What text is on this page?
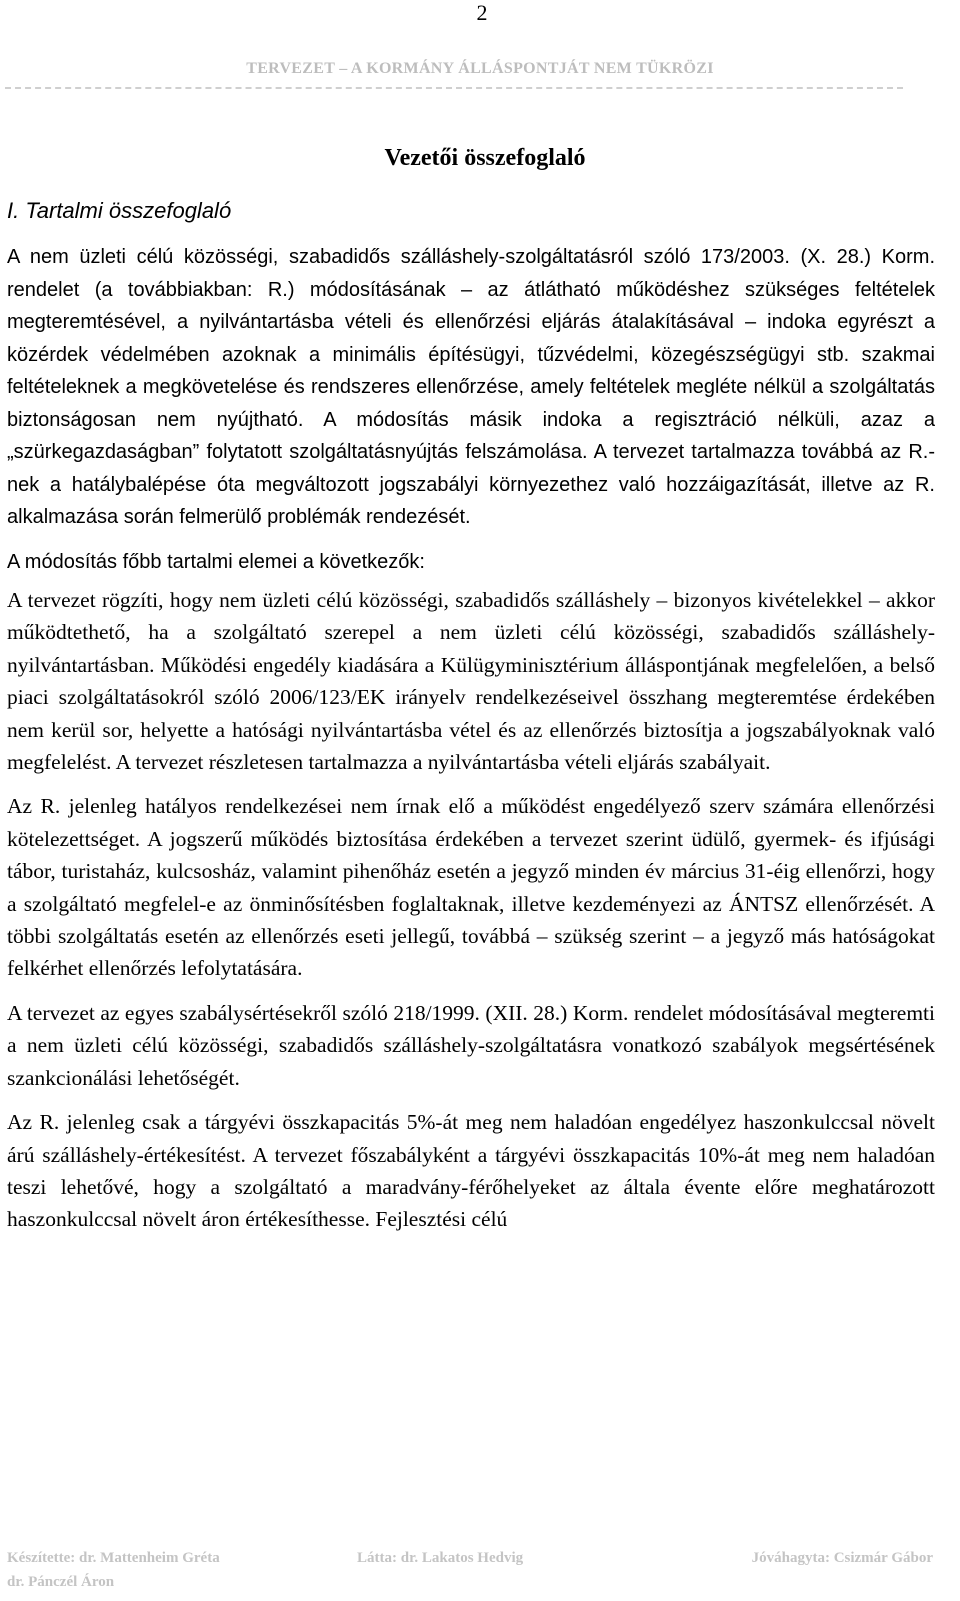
2
TERVEZET – A KORMÁNY ÁLLÁSPONTJÁT NEM TÜKRÖZI
Vezetői összefoglaló
I. Tartalmi összefoglaló

A nem üzleti célú közösségi, szabadidős szálláshely-szolgáltatásról szóló 173/2003. (X. 28.) Korm. rendelet (a továbbiakban: R.) módosításának – az átlátható működéshez szükséges feltételek megteremtésével, a nyilvántartásba vételi és ellenőrzési eljárás átalakításával – indoka egyrészt a közérdek védelmében azoknak a minimális építésügyi, tűzvédelmi, közegészségügyi stb. szakmai feltételeknek a megkövetelése és rendszeres ellenőrzése, amely feltételek megléte nélkül a szolgáltatás biztonságosan nem nyújtható. A módosítás másik indoka a regisztráció nélküli, azaz a „szürkegazdaságban” folytatott szolgáltatásnyújtás felszámolása. A tervezet tartalmazza továbbá az R.-nek a hatálybalépése óta megváltozott jogszabályi környezethez való hozzáigazítását, illetve az R. alkalmazása során felmerülő problémák rendezését.

A módosítás főbb tartalmi elemei a következők:

A tervezet rögzíti, hogy nem üzleti célú közösségi, szabadidős szálláshely – bizonyos kivételekkel – akkor működtethető, ha a szolgáltató szerepel a nem üzleti célú közösségi, szabadidős szálláshely-nyilvántartásban. Működési engedély kiadására a Külügyminisztérium álláspontjának megfelelően, a belső piaci szolgáltatásokról szóló 2006/123/EK irányelv rendelkezéseivel összhang megteremtése érdekében nem kerül sor, helyette a hatósági nyilvántartásba vétel és az ellenőrzés biztosítja a jogszabályoknak való megfelelést. A tervezet részletesen tartalmazza a nyilvántartásba vételi eljárás szabályait.

Az R. jelenleg hatályos rendelkezései nem írnak elő a működést engedélyező szerv számára ellenőrzési kötelezettséget. A jogszerű működés biztosítása érdekében a tervezet szerint üdülő, gyermek- és ifjúsági tábor, turistaház, kulcsosház, valamint pihenőház esetén a jegyző minden év március 31-éig ellenőrzi, hogy a szolgáltató megfelel-e az önminősítésben foglaltaknak, illetve kezdeményezi az ÁNTSZ ellenőrzését. A többi szolgáltatás esetén az ellenőrzés eseti jellegű, továbbá – szükség szerint – a jegyző más hatóságokat felkérhet ellenőrzés lefolytatására.

A tervezet az egyes szabálysértésekről szóló 218/1999. (XII. 28.) Korm. rendelet módosításával megteremti a nem üzleti célú közösségi, szabadidős szálláshely-szolgáltatásra vonatkozó szabályok megsértésének szankcionálási lehetőségét.

Az R. jelenleg csak a tárgyévi összkapacitás 5%-át meg nem haladóan engedélyez haszonkulccsal növelt árú szálláshely-értékesítést. A tervezet főszabályként a tárgyévi összkapacitás 10%-át meg nem haladóan teszi lehetővé, hogy a szolgáltató a maradvány-férőhelyeket az általa évente előre meghatározott haszonkulccsal növelt áron értékesíthesse. Fejlesztési célú

Készítette: dr. Mattenheim Gréta
dr. Pánczél Áron
Látta: dr. Lakatos Hedvig	Jóváhagyta: Csizmár Gábor
